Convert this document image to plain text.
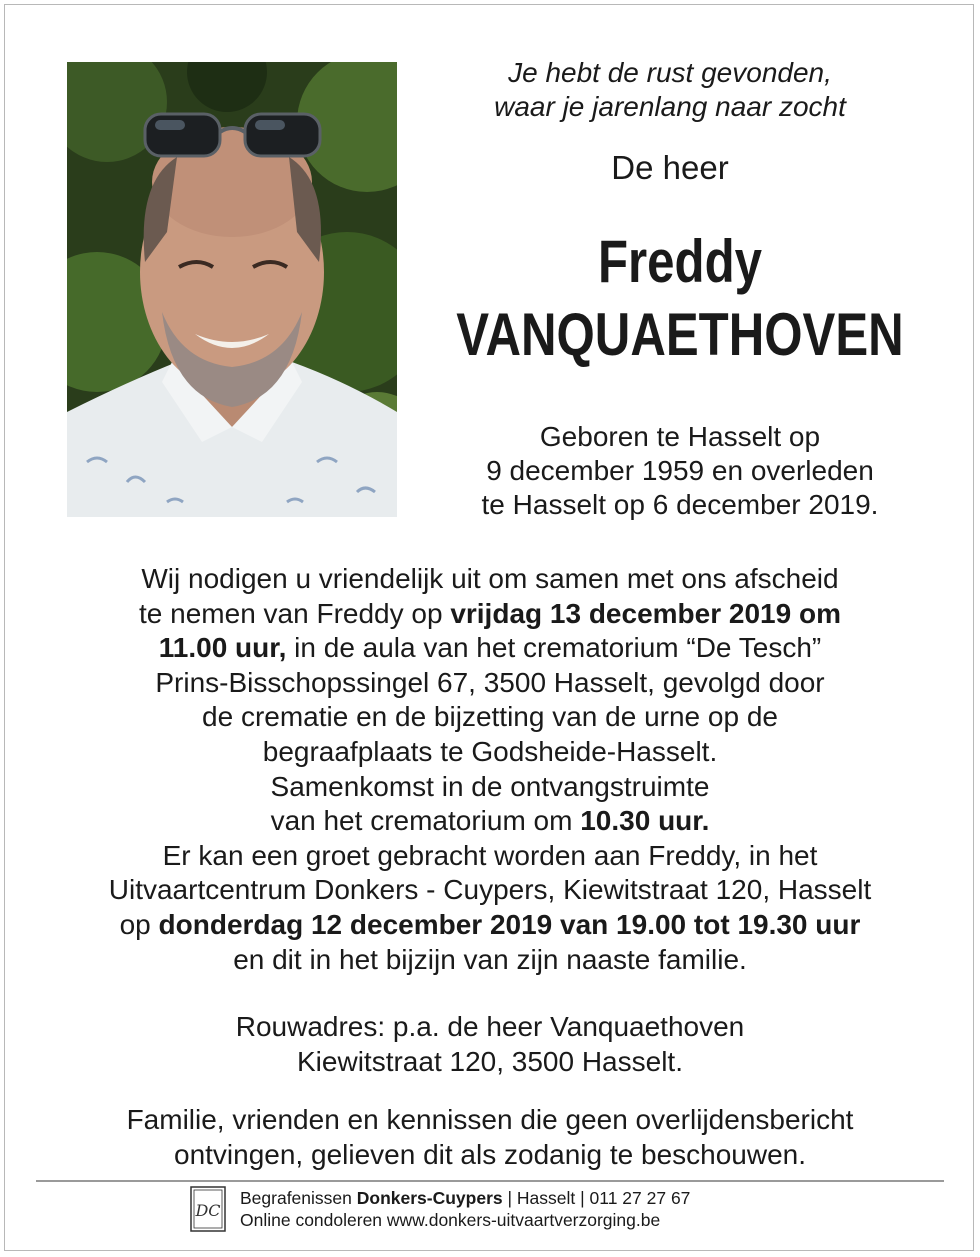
Je hebt de rust gevonden,
waar je jarenlang naar zocht
De heer
Freddy
VANQUAETHOVEN
Geboren te Hasselt op
9 december 1959 en overleden
te Hasselt op 6 december 2019.
Wij nodigen u vriendelijk uit om samen met ons afscheid
te nemen van Freddy op vrijdag 13 december 2019 om
11.00 uur, in de aula van het crematorium “De Tesch”
Prins-Bisschopssingel 67, 3500 Hasselt, gevolgd door
de crematie en de bijzetting van de urne op de
begraafplaats te Godsheide-Hasselt.
Samenkomst in de ontvangstruimte
van het crematorium om 10.30 uur.
Er kan een groet gebracht worden aan Freddy, in het
Uitvaartcentrum Donkers - Cuypers, Kiewitstraat 120, Hasselt
op donderdag 12 december 2019 van 19.00 tot 19.30 uur
en dit in het bijzijn van zijn naaste familie.
Rouwadres: p.a. de heer Vanquaethoven
Kiewitstraat 120, 3500 Hasselt.
Familie, vrienden en kennissen die geen overlijdensbericht
ontvingen, gelieven dit als zodanig te beschouwen.
DC
Begrafenissen Donkers-Cuypers | Hasselt | 011 27 27 67
Online condoleren www.donkers-uitvaartverzorging.be
